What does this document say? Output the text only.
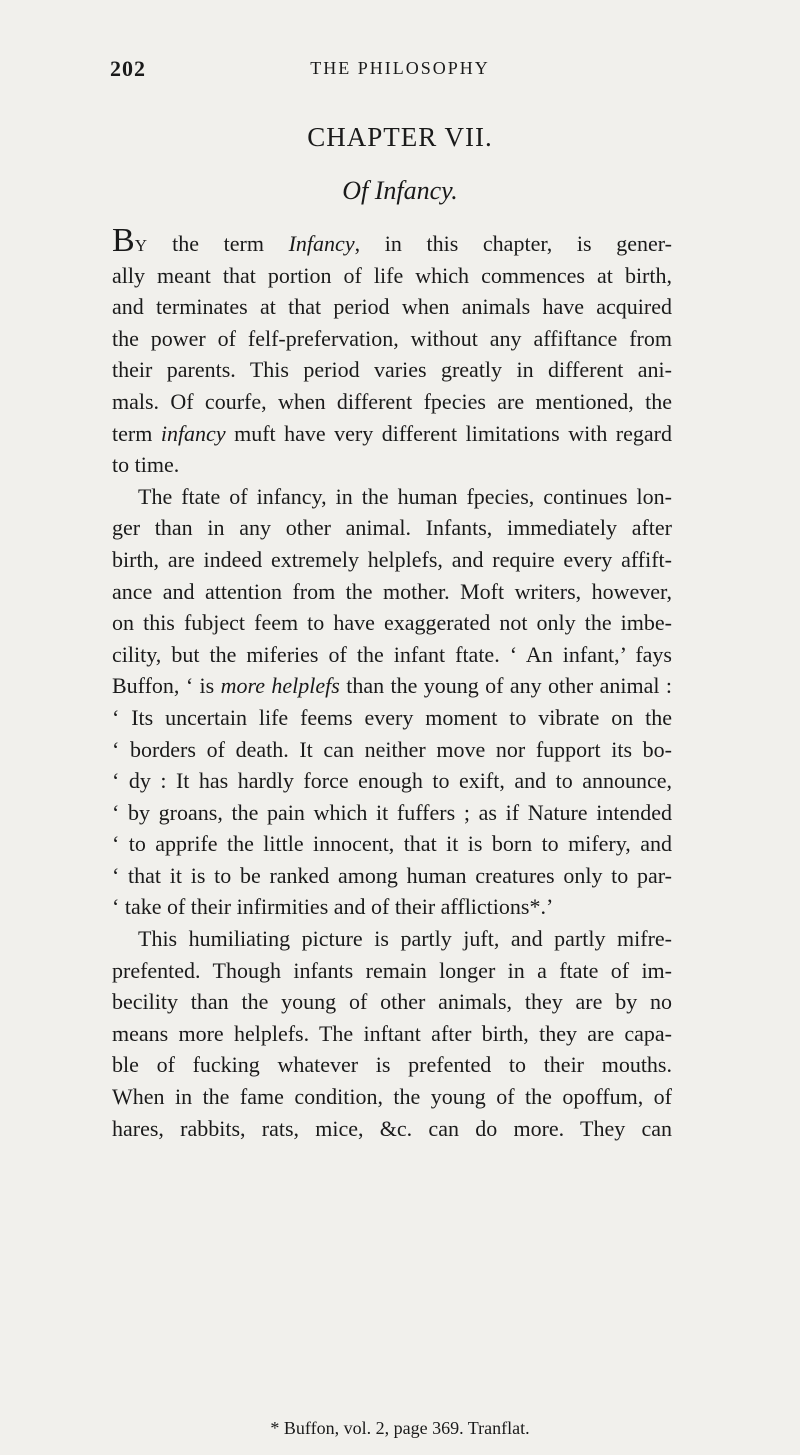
202	THE PHILOSOPHY
CHAPTER VII.
Of Infancy.
BY the term Infancy, in this chapter, is gener-
ally meant that portion of life which commences at birth,
and terminates at that period when animals have acquired
the power of felf-prefervation, without any affiftance from
their parents. This period varies greatly in different ani-
mals. Of courfe, when different fpecies are mentioned, the
term infancy muft have very different limitations with regard
to time.
The ftate of infancy, in the human fpecies, continues lon-
ger than in any other animal. Infants, immediately after
birth, are indeed extremely helplefs, and require every affift-
ance and attention from the mother. Moft writers, however,
on this fubject feem to have exaggerated not only the imbe-
cility, but the miferies of the infant ftate. ‘ An infant,’ fays
Buffon, ‘ is more helplefs than the young of any other animal :
‘ Its uncertain life feems every moment to vibrate on the
‘ borders of death. It can neither move nor fupport its bo-
‘ dy : It has hardly force enough to exift, and to announce,
‘ by groans, the pain which it fuffers ; as if Nature intended
‘ to apprife the little innocent, that it is born to mifery, and
‘ that it is to be ranked among human creatures only to par-
‘ take of their infirmities and of their afflictions*.’
This humiliating picture is partly juft, and partly mifre-
prefented. Though infants remain longer in a ftate of im-
becility than the young of other animals, they are by no
means more helplefs. The inftant after birth, they are capa-
ble of fucking whatever is prefented to their mouths.
When in the fame condition, the young of the opoffum, of
hares, rabbits, rats, mice, &c. can do more. They can
* Buffon, vol. 2, page 369. Tranflat.
